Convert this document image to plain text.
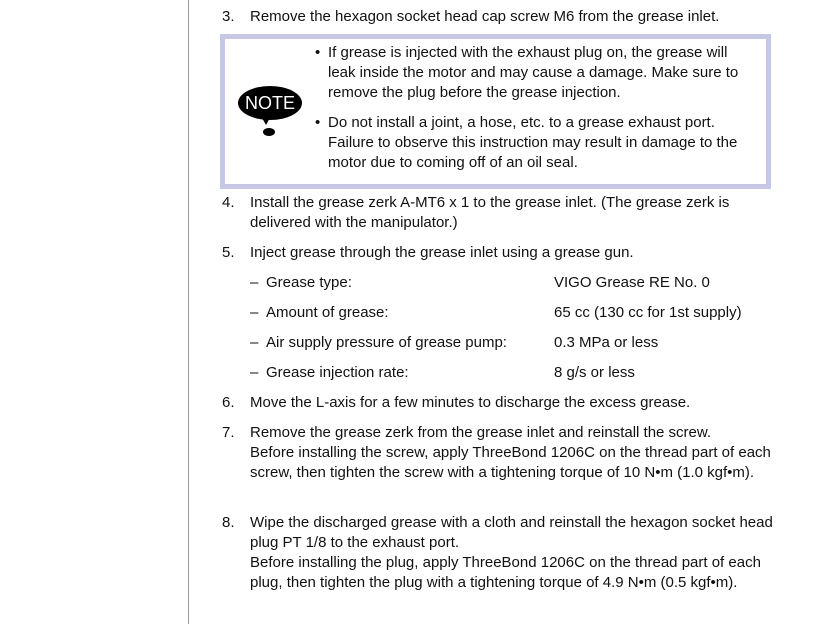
3. Remove the hexagon socket head cap screw M6 from the grease inlet.

NOTE
• If grease is injected with the exhaust plug on, the grease will leak inside the motor and may cause a damage. Make sure to remove the plug before the grease injection.
• Do not install a joint, a hose, etc. to a grease exhaust port. Failure to observe this instruction may result in damage to the motor due to coming off of an oil seal.
4. Install the grease zerk A-MT6 x 1 to the grease inlet. (The grease zerk is delivered with the manipulator.)

5. Inject grease through the grease inlet using a grease gun.

– Grease type:	VIGO Grease RE No. 0
– Amount of grease:	65 cc (130 cc for 1st supply)
– Air supply pressure of grease pump:	0.3 MPa or less
– Grease injection rate:	8 g/s or less
6. Move the L-axis for a few minutes to discharge the excess grease.

7. Remove the grease zerk from the grease inlet and reinstall the screw.

Before installing the screw, apply ThreeBond 1206C on the thread part of each screw, then tighten the screw with a tightening torque of 10 N•m (1.0 kgf•m).

8. Wipe the discharged grease with a cloth and reinstall the hexagon socket head plug PT 1/8 to the exhaust port.

Before installing the plug, apply ThreeBond 1206C on the thread part of each plug, then tighten the plug with a tightening torque of 4.9 N•m (0.5 kgf•m).
